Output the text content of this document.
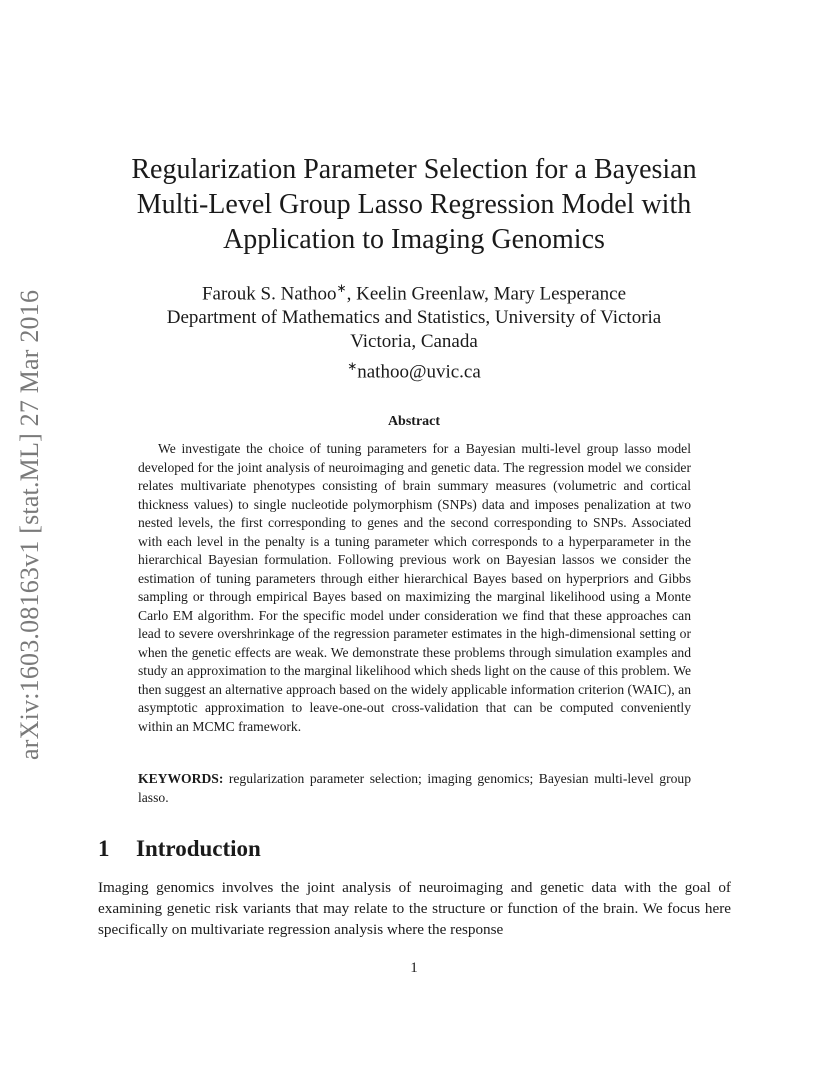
arXiv:1603.08163v1 [stat.ML] 27 Mar 2016
Regularization Parameter Selection for a Bayesian
Multi-Level Group Lasso Regression Model with
Application to Imaging Genomics
Farouk S. Nathoo∗, Keelin Greenlaw, Mary Lesperance
Department of Mathematics and Statistics, University of Victoria
Victoria, Canada
∗nathoo@uvic.ca
Abstract

We investigate the choice of tuning parameters for a Bayesian multi-level group lasso model developed for the joint analysis of neuroimaging and genetic data. The regression model we consider relates multivariate phenotypes consisting of brain summary measures (volumetric and cortical thickness values) to single nucleotide polymorphism (SNPs) data and imposes penalization at two nested levels, the first corresponding to genes and the second corresponding to SNPs. Associated with each level in the penalty is a tuning parameter which corresponds to a hyperparameter in the hierarchical Bayesian formulation. Following previous work on Bayesian lassos we consider the estimation of tuning parameters through either hierarchical Bayes based on hyperpriors and Gibbs sampling or through empirical Bayes based on maximizing the marginal likelihood using a Monte Carlo EM algorithm. For the specific model under consideration we find that these approaches can lead to severe overshrinkage of the regression parameter estimates in the high-dimensional setting or when the genetic effects are weak. We demonstrate these problems through simulation examples and study an approximation to the marginal likelihood which sheds light on the cause of this problem. We then suggest an alternative approach based on the widely applicable information criterion (WAIC), an asymptotic approximation to leave-one-out cross-validation that can be computed conveniently within an MCMC framework.

KEYWORDS: regularization parameter selection; imaging genomics; Bayesian multi-level group lasso.

1 Introduction

Imaging genomics involves the joint analysis of neuroimaging and genetic data with the goal of examining genetic risk variants that may relate to the structure or function of the brain. We focus here specifically on multivariate regression analysis where the response

1
